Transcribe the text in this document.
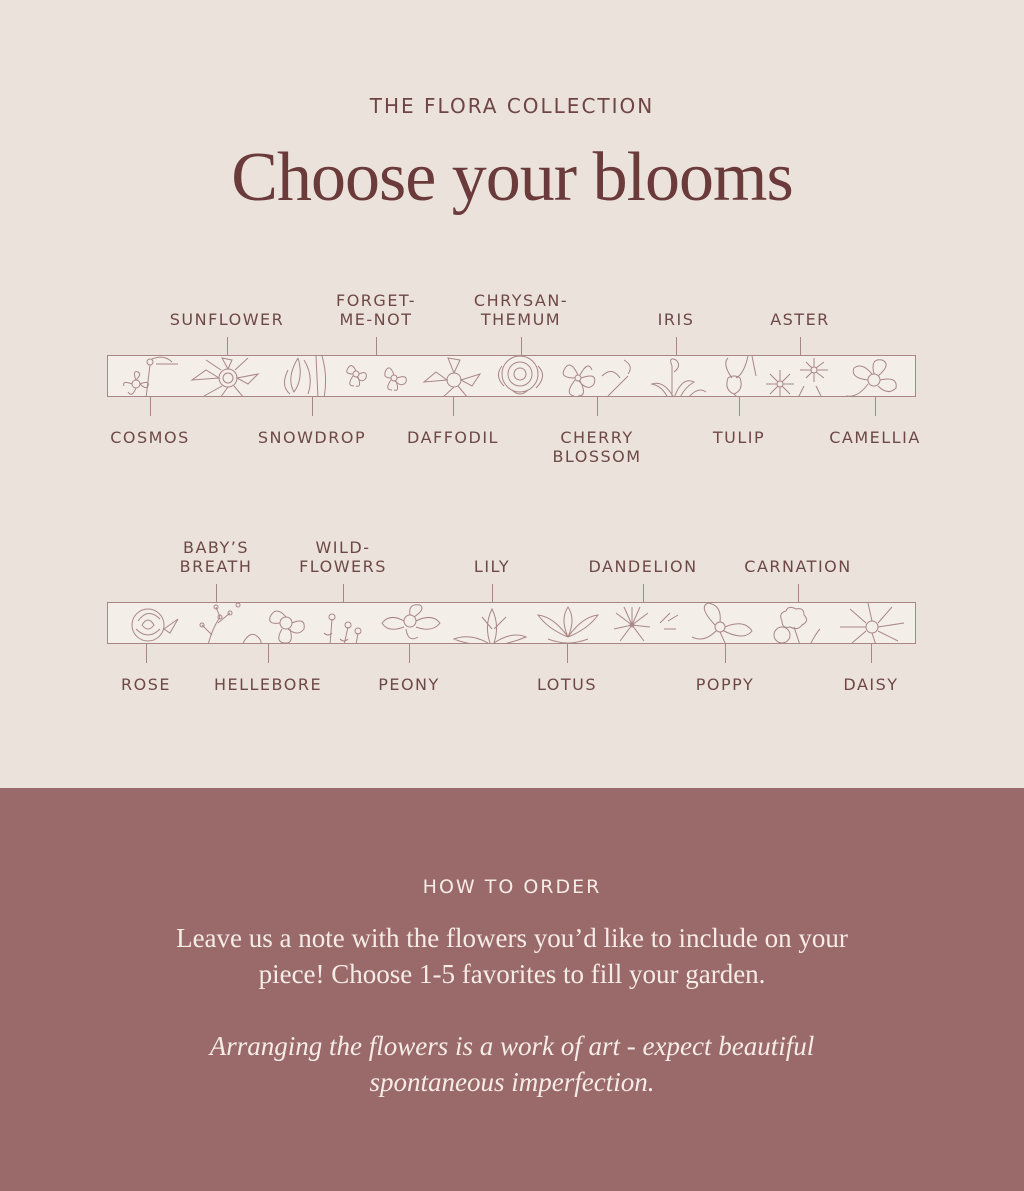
THE FLORA COLLECTION
Choose your blooms
SUNFLOWER
FORGET-
ME-NOT
CHRYSAN-
THEMUM	IRIS	ASTER
COSMOS	SNOWDROP	DAFFODIL	CHERRY
BLOSSOM
TULIP	CAMELLIA
BABY’S
BREATH
WILD-
FLOWERS	LILY	DANDELION	CARNATION
ROSE	HELLEBORE	PEONY	LOTUS	POPPY	DAISY
HOW TO ORDER
Leave us a note with the flowers you’d like to include on your piece! Choose 1-5 favorites to fill your garden.
Arranging the flowers is a work of art - expect beautiful spontaneous imperfection.
